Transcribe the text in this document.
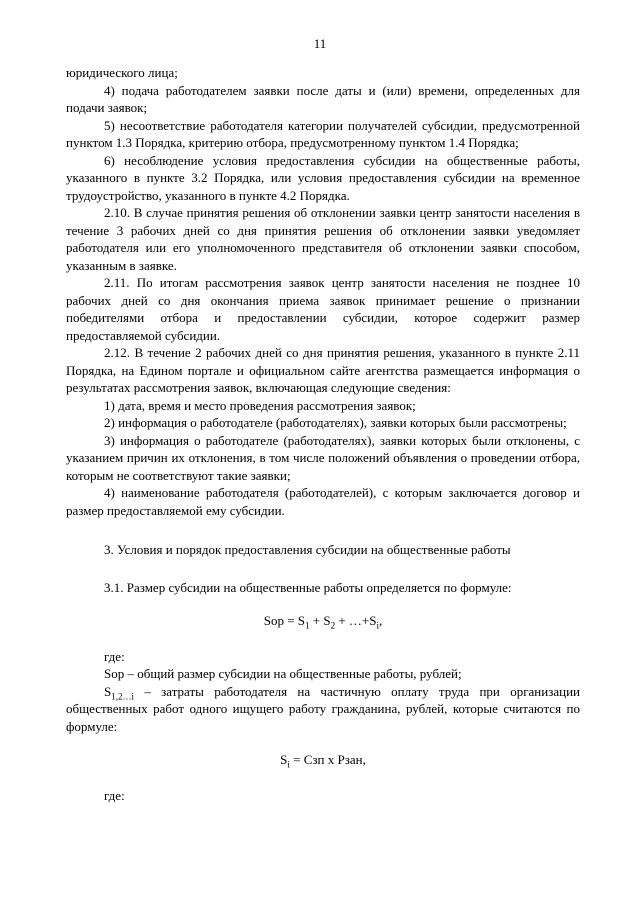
11

юридического лица;

4) подача работодателем заявки после даты и (или) времени, определенных для подачи заявок;

5) несоответствие работодателя категории получателей субсидии, предусмотренной пунктом 1.3 Порядка, критерию отбора, предусмотренному пунктом 1.4 Порядка;

6) несоблюдение условия предоставления субсидии на общественные работы, указанного в пункте 3.2 Порядка, или условия предоставления субсидии на временное трудоустройство, указанного в пункте 4.2 Порядка.

2.10. В случае принятия решения об отклонении заявки центр занятости населения в течение 3 рабочих дней со дня принятия решения об отклонении заявки уведомляет работодателя или его уполномоченного представителя об отклонении заявки способом, указанным в заявке.

2.11. По итогам рассмотрения заявок центр занятости населения не позднее 10 рабочих дней со дня окончания приема заявок принимает решение о признании победителями отбора и предоставлении субсидии, которое содержит размер предоставляемой субсидии.

2.12. В течение 2 рабочих дней со дня принятия решения, указанного в пункте 2.11 Порядка, на Едином портале и официальном сайте агентства размещается информация о результатах рассмотрения заявок, включающая следующие сведения:

1) дата, время и место проведения рассмотрения заявок;

2) информация о работодателе (работодателях), заявки которых были рассмотрены;

3) информация о работодателе (работодателях), заявки которых были отклонены, с указанием причин их отклонения, в том числе положений объявления о проведении отбора, которым не соответствуют такие заявки;

4) наименование работодателя (работодателей), с которым заключается договор и размер предоставляемой ему субсидии.

3. Условия и порядок предоставления субсидии на общественные работы

3.1. Размер субсидии на общественные работы определяется по формуле:

Sop = $S_1 + S_2$ + $\dots+S_i$,

где:

Sop – общий размер субсидии на общественные работы, рублей;

$S_{1,2\dots i}$ – затраты работодателя на частичную оплату труда при организации общественных работ одного ищущего работу гражданина, рублей, которые считаются по формуле:

$S_i$ = Сзп х Рзан,

где:
